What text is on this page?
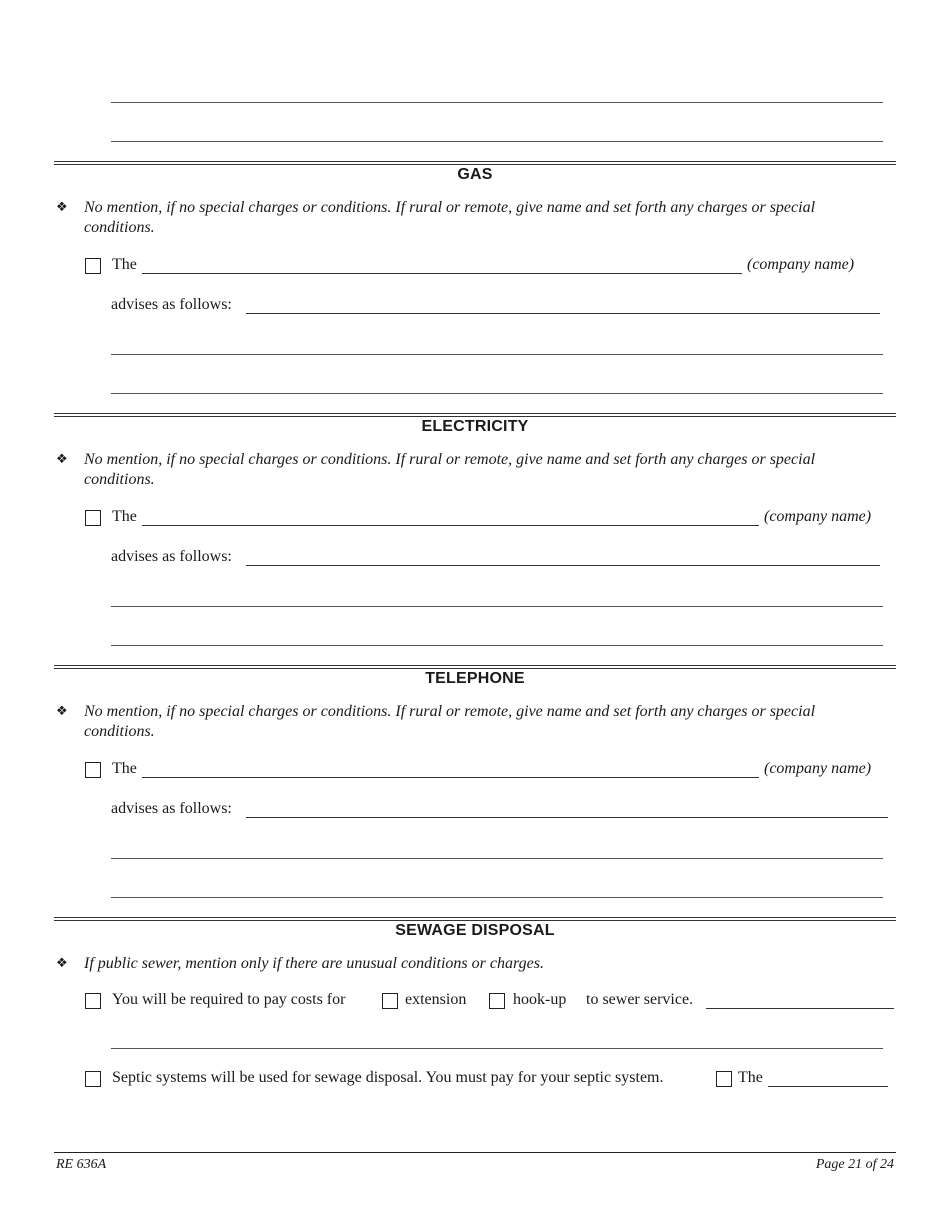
GAS
❖ No mention, if no special charges or conditions. If rural or remote, give name and set forth any charges or special conditions.
The	(company name)
advises as follows:
ELECTRICITY
❖ No mention, if no special charges or conditions. If rural or remote, give name and set forth any charges or special conditions.
The	(company name)
advises as follows:
TELEPHONE
❖ No mention, if no special charges or conditions. If rural or remote, give name and set forth any charges or special conditions.
The	(company name)
advises as follows:
SEWAGE DISPOSAL
❖ If public sewer, mention only if there are unusual conditions or charges.
You will be required to pay costs for	extension	hook-up to sewer service.
Septic systems will be used for sewage disposal. You must pay for your septic system.	The
RE 636A	Page 21 of 24
